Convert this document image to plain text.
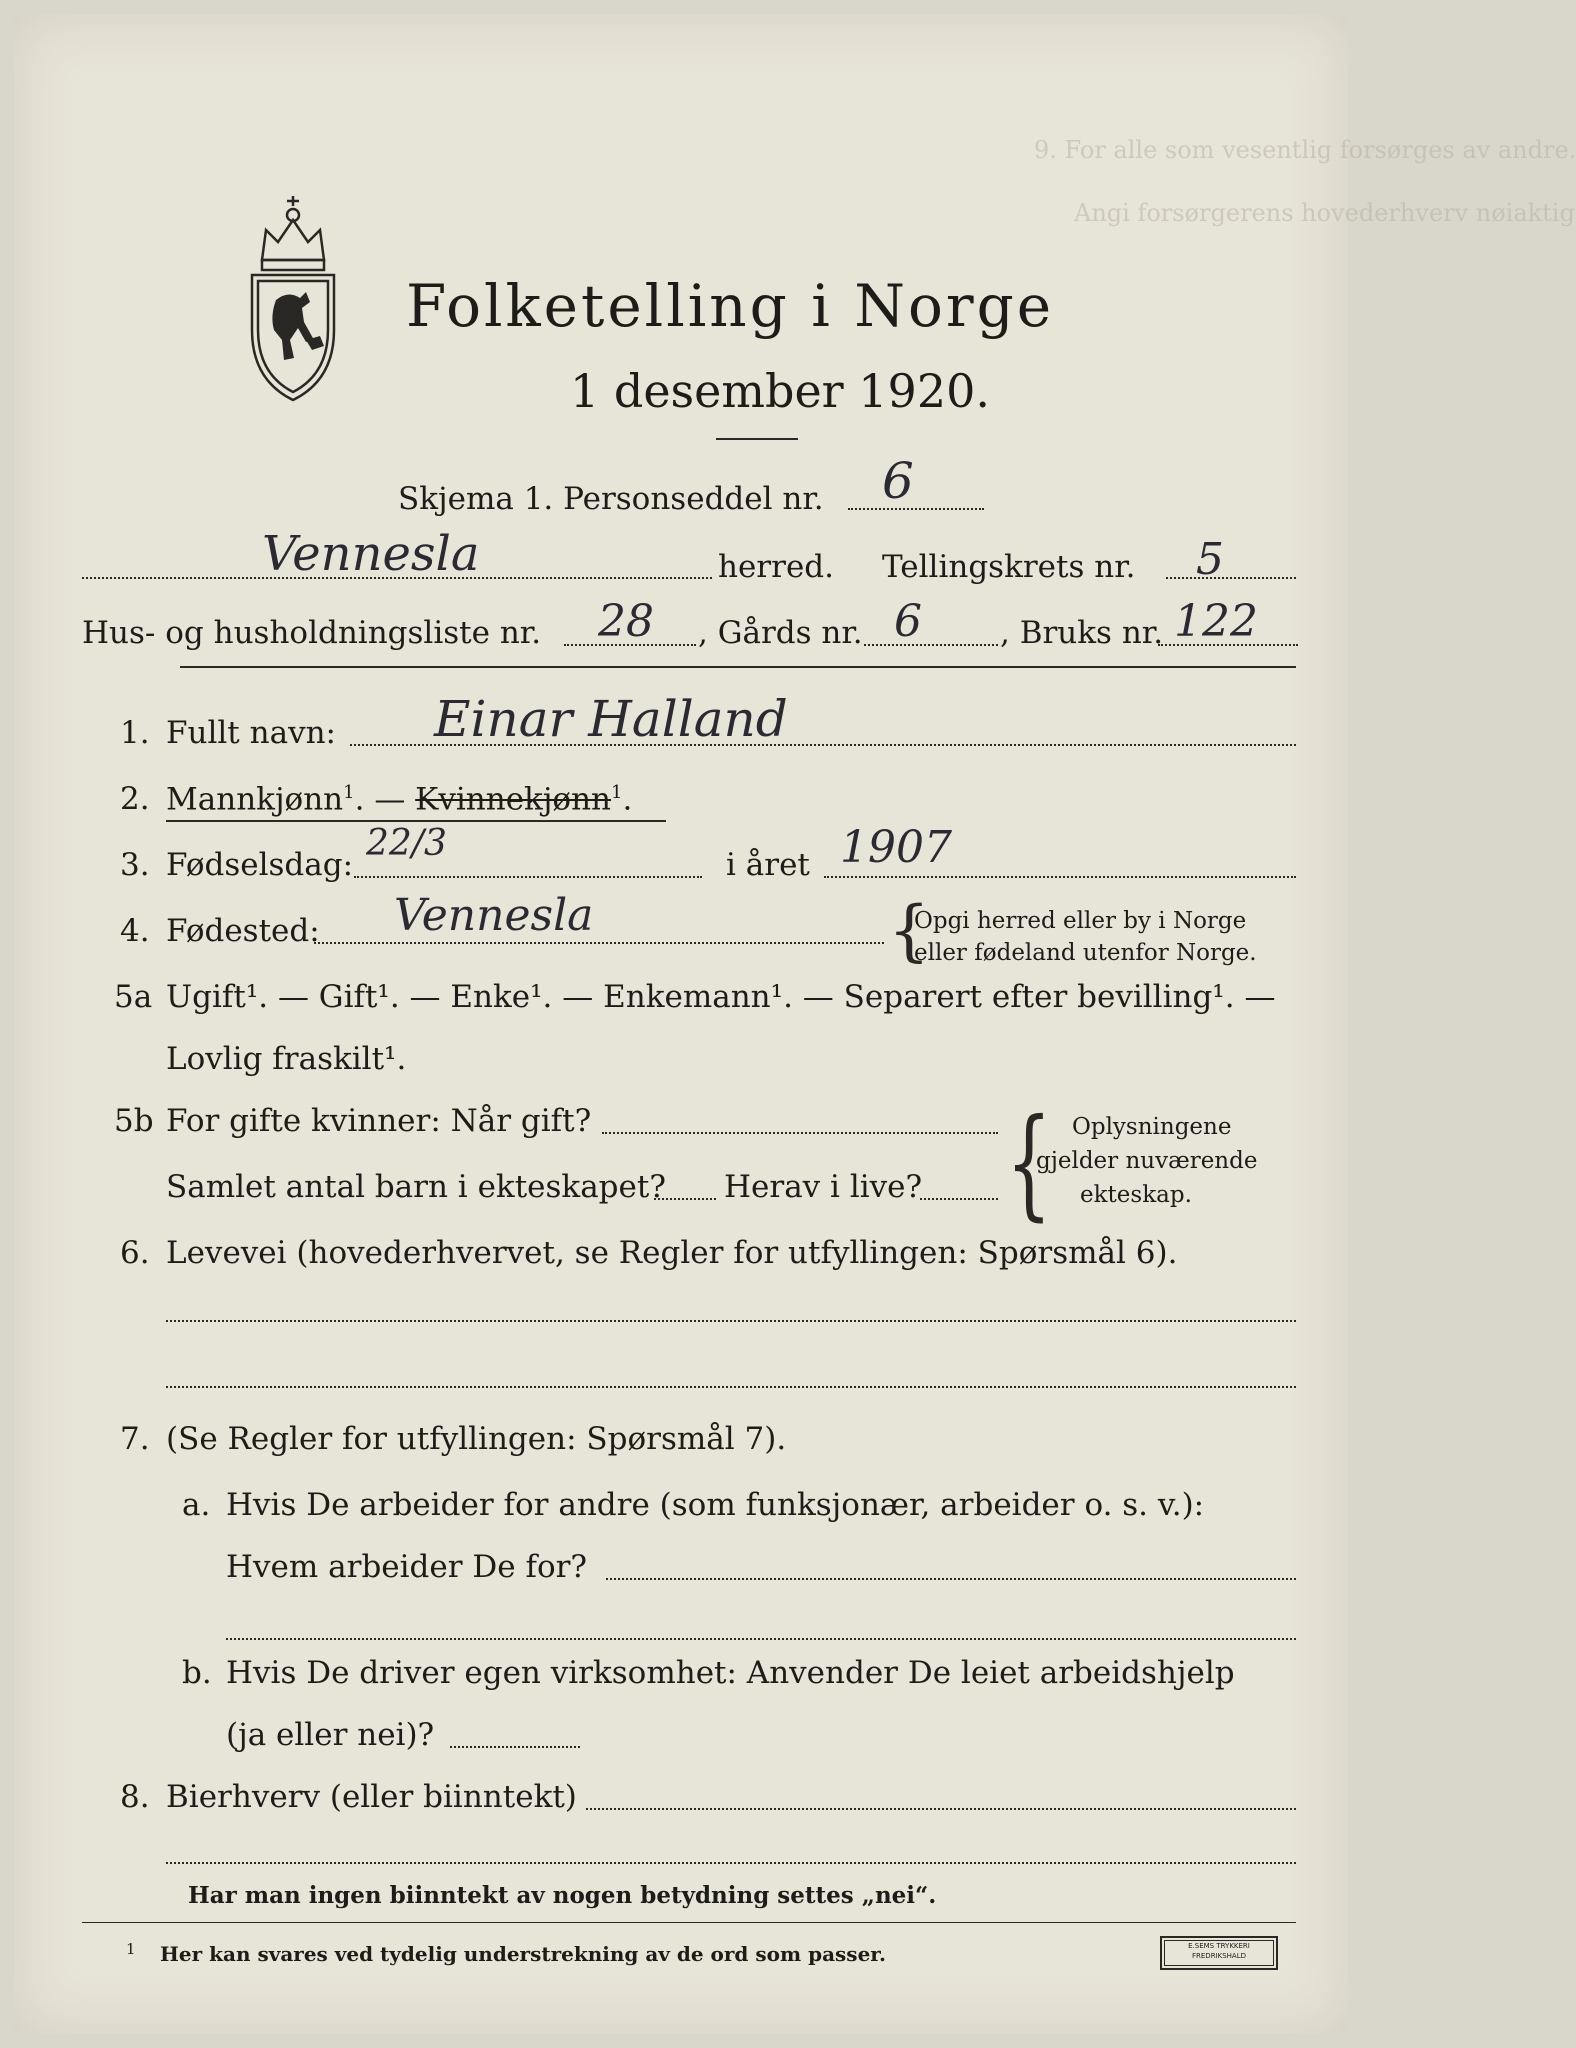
9. For alle som vesentlig forsørges av andre.
Angi forsørgerens hovederhverv nøiaktig
Folketelling i Norge
1 desember 1920.
Skjema 1. Personseddel nr. 6
Vennesla	herred. Tellingskrets nr. 5
Hus- og husholdningsliste nr. 28 , Gårds nr. 6	, Bruks nr. 122
1. Fullt navn: Einar Halland
2. Mannkjønn$^1$. — Kvinnekjønn$^1$.
3. Fødselsdag:
22/3
i året 1907
4. Fødested: Vennesla	{
Opgi herred eller by i Norge
eller fødeland utenfor Norge.
5a Ugift¹. — Gift¹. — Enke¹. — Enkemann¹. — Separert efter bevilling¹. —
Lovlig fraskilt¹.
5b For gifte kvinner: Når gift?
Samlet antal barn i ekteskapet? Herav i live? { Oplysningene
gjelder nuværende
ekteskap.
6. Levevei (hovederhvervet, se Regler for utfyllingen: Spørsmål 6).
7. (Se Regler for utfyllingen: Spørsmål 7).
a. Hvis De arbeider for andre (som funksjonær, arbeider o. s. v.):
Hvem arbeider De for?
b. Hvis De driver egen virksomhet: Anvender De leiet arbeidshjelp
(ja eller nei)?
8. Bierhverv (eller biinntekt)
Har man ingen biinntekt av nogen betydning settes „nei“.
1 Her kan svares ved tydelig understrekning av de ord som passer.	E.SEMS TRYKKERI
FREDRIKSHALD
